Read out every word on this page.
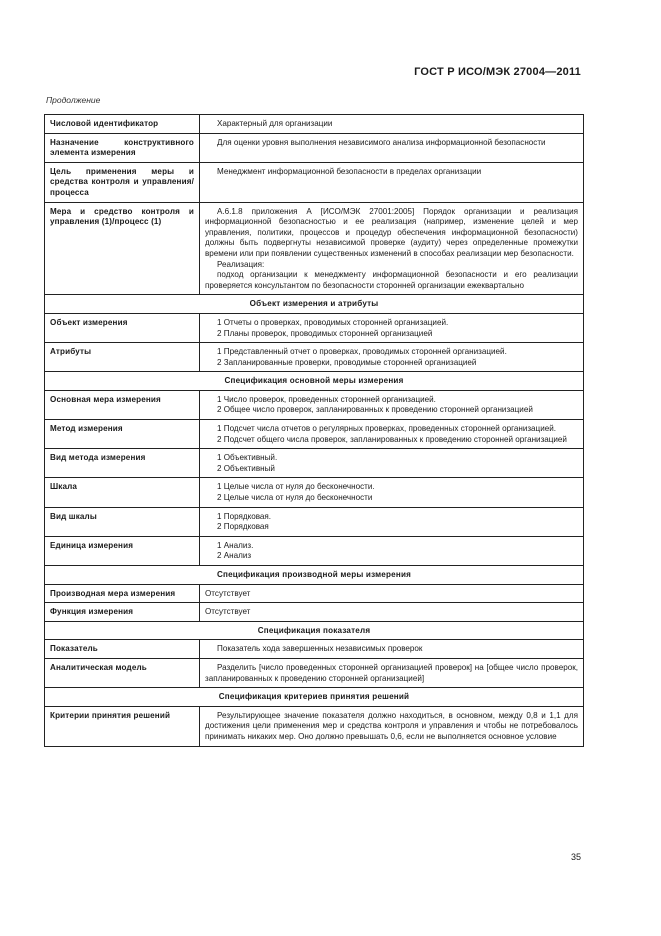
ГОСТ Р ИСО/МЭК 27004—2011
Продолжение
Числовой идентификатор	Характерный для организации
Назначение конструктивного элемента измерения	Для оценки уровня выполнения независимого анализа информационной безопасности
Цель применения меры и средства контроля и управления/процесса	Менеджмент информационной безопасности в пределах организации
Мера и средство контроля и управления (1)/процесс (1)	А.6.1.8 приложения А [ИСО/МЭК 27001:2005] Порядок организации и реализация информационной безопасностью и ее реализация (например, изменение целей и мер управления, политики, процессов и процедур обеспечения информационной безопасности) должны быть подвергнуты независимой проверке (аудиту) через определенные промежутки времени или при появлении существенных изменений в способах реализации мер безопасности.
Реализация:
подход организации к менеджменту информационной безопасности и его реализации проверяется консультантом по безопасности сторонней организации ежеквартально

Объект измерения и атрибуты	
Объект измерения	1 Отчеты о проверках, проводимых сторонней организацией.
2 Планы проверок, проводимых сторонней организацией

Атрибуты	1 Представленный отчет о проверках, проводимых сторонней организацией.
2 Запланированные проверки, проводимые сторонней организацией

Спецификация основной меры измерения	
Основная мера измерения	1 Число проверок, проведенных сторонней организацией.
2 Общее число проверок, запланированных к проведению сторонней организацией

Метод измерения	1 Подсчет числа отчетов о регулярных проверках, проведенных сторонней организацией.
2 Подсчет общего числа проверок, запланированных к проведению сторонней организацией

Вид метода измерения	1 Объективный.
2 Объективный

Шкала	1 Целые числа от нуля до бесконечности.
2 Целые числа от нуля до бесконечности

Вид шкалы	1 Порядковая.
2 Порядковая

Единица измерения	1 Анализ.
2 Анализ

Спецификация производной меры измерения	
Производная мера измерения	Отсутствует
Функция измерения	Отсутствует
Спецификация показателя	
Показатель	Показатель хода завершенных независимых проверок
Аналитическая модель	Разделить [число проведенных сторонней организацией проверок] на [общее число проверок, запланированных к проведению сторонней организацией]
Спецификация критериев принятия решений	
Критерии принятия решений	Результирующее значение показателя должно находиться, в основном, между 0,8 и 1,1 для достижения цели применения мер и средства контроля и управления и чтобы не потребовалось принимать никаких мер. Оно должно превышать 0,6, если не выполняется основное условие
35
